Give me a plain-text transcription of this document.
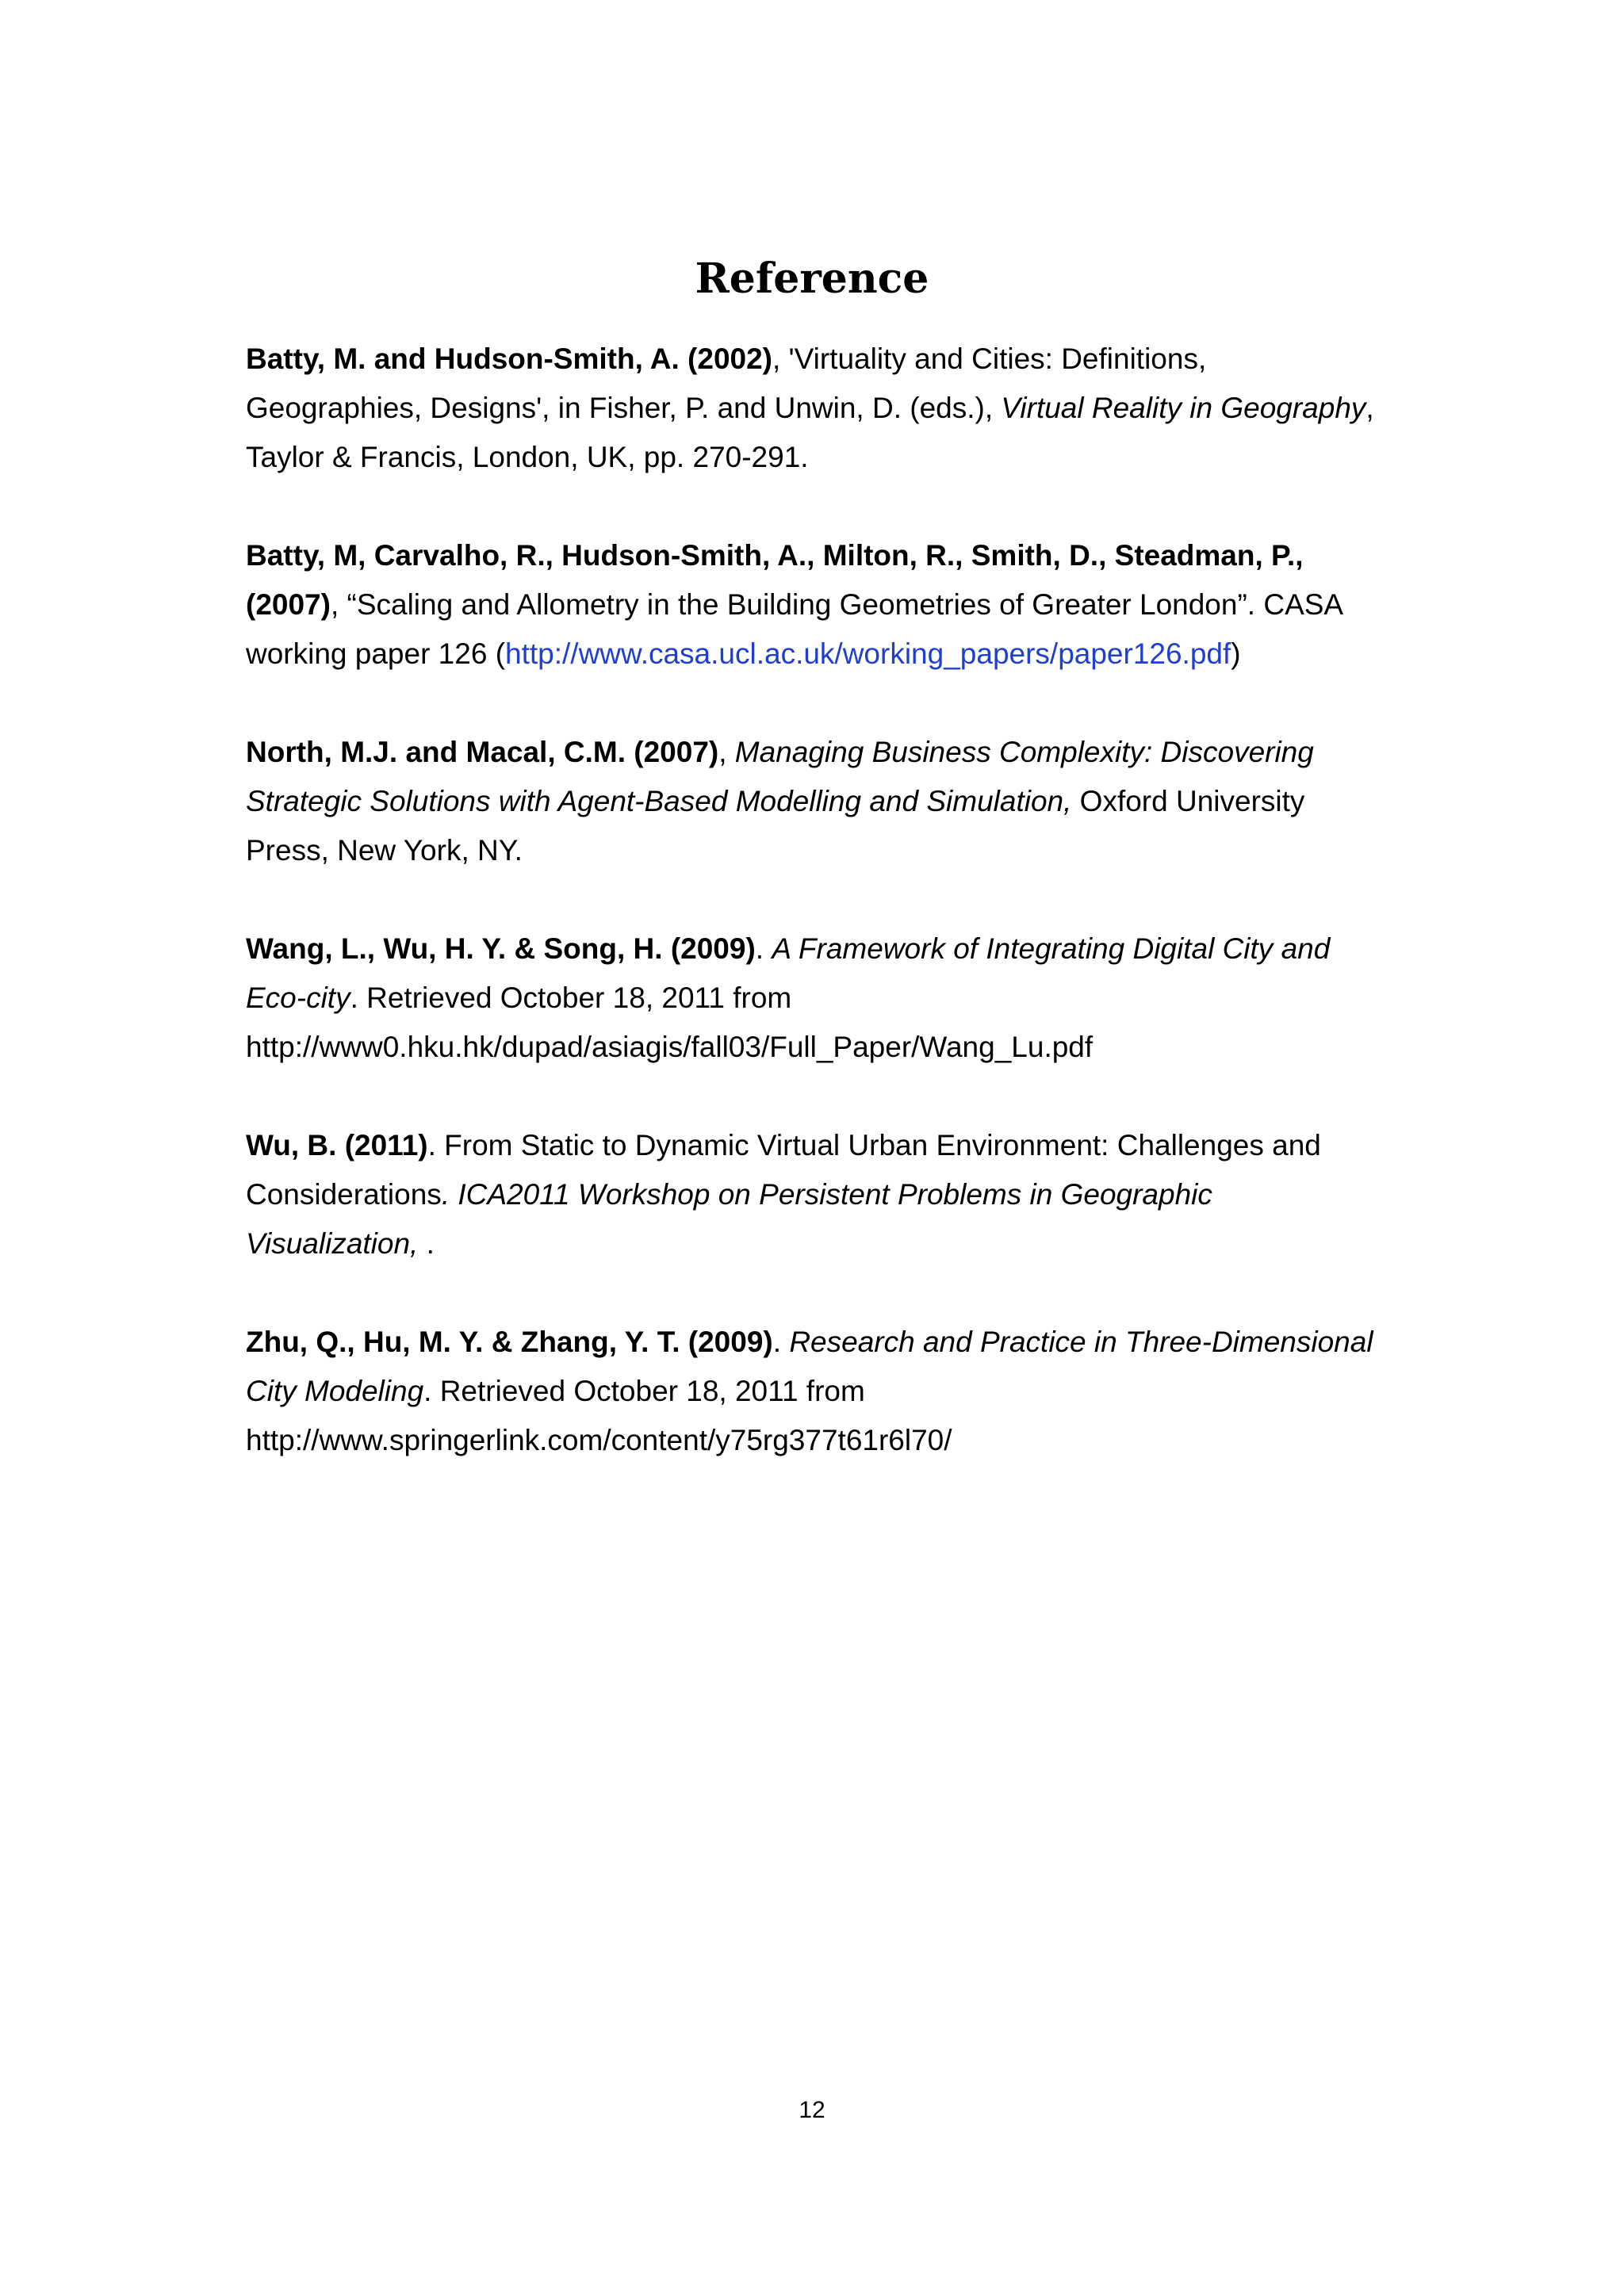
Reference
Batty, M. and Hudson-Smith, A. (2002), 'Virtuality and Cities: Definitions,
Geographies, Designs', in Fisher, P. and Unwin, D. (eds.), Virtual Reality in Geography,
Taylor & Francis, London, UK, pp. 270-291.
Batty, M, Carvalho, R., Hudson-Smith, A., Milton, R., Smith, D., Steadman, P.,
(2007), “Scaling and Allometry in the Building Geometries of Greater London”. CASA
working paper 126 (http://www.casa.ucl.ac.uk/working_papers/paper126.pdf)
North, M.J. and Macal, C.M. (2007), Managing Business Complexity: Discovering
Strategic Solutions with Agent-Based Modelling and Simulation, Oxford University
Press, New York, NY.
Wang, L., Wu, H. Y. & Song, H. (2009). A Framework of Integrating Digital City and
Eco-city. Retrieved October 18, 2011 from
http://www0.hku.hk/dupad/asiagis/fall03/Full_Paper/Wang_Lu.pdf
Wu, B. (2011). From Static to Dynamic Virtual Urban Environment: Challenges and
Considerations. ICA2011 Workshop on Persistent Problems in Geographic
Visualization, .
Zhu, Q., Hu, M. Y. & Zhang, Y. T. (2009). Research and Practice in Three-Dimensional
City Modeling. Retrieved October 18, 2011 from
http://www.springerlink.com/content/y75rg377t61r6l70/
12
